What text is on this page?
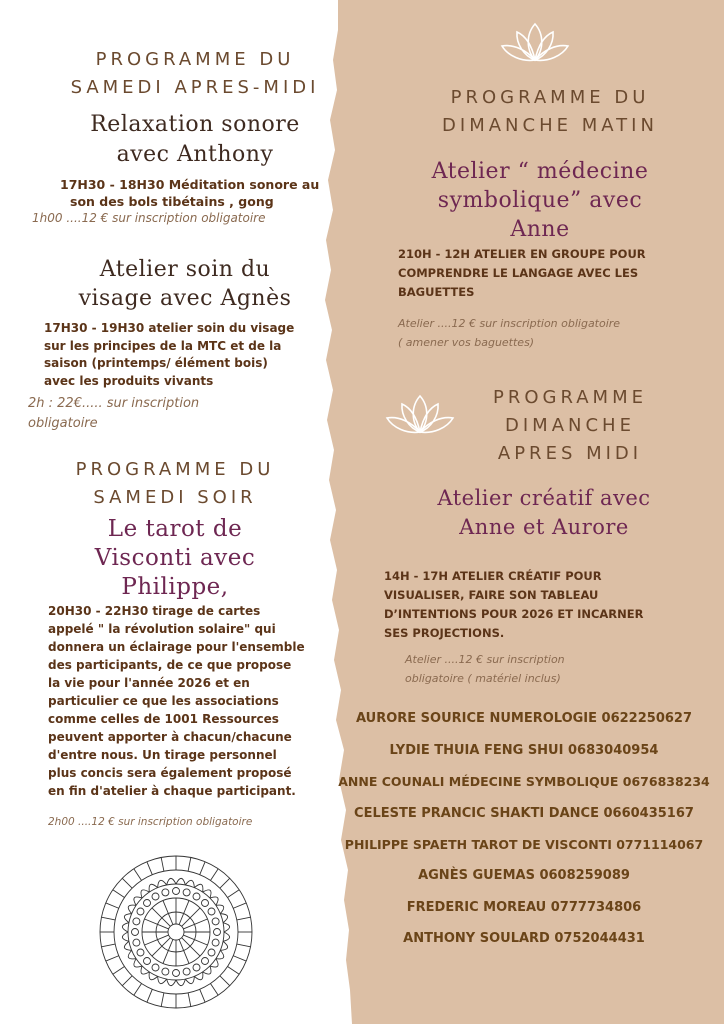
PROGRAMME DU
SAMEDI APRES-MIDI
Relaxation sonore
avec Anthony
17H30 - 18H30 Méditation sonore au
son des bols tibétains , gong
1h00 ....12 € sur inscription obligatoire
Atelier soin du
visage avec Agnès
17H30 - 19H30 atelier soin du visage
sur les principes de la MTC et de la
saison (printemps/ élément bois)
avec les produits vivants
2h : 22€..... sur inscription
obligatoire
PROGRAMME DU
SAMEDI SOIR
Le tarot de
Visconti avec
Philippe,
20H30 - 22H30 tirage de cartes
appelé " la révolution solaire" qui
donnera un éclairage pour l'ensemble
des participants, de ce que propose
la vie pour l'année 2026 et en
particulier ce que les associations
comme celles de 1001 Ressources
peuvent apporter à chacun/chacune
d'entre nous. Un tirage personnel
plus concis sera également proposé
en fin d'atelier à chaque participant.
2h00 ....12 € sur inscription obligatoire
PROGRAMME DU
DIMANCHE MATIN
Atelier “ médecine
symbolique” avec
Anne
210H - 12H ATELIER EN GROUPE POUR
COMPRENDRE LE LANGAGE AVEC LES
BAGUETTES
Atelier ....12 € sur inscription obligatoire
( amener vos baguettes)
PROGRAMME
DIMANCHE
APRES MIDI
Atelier créatif avec
Anne et Aurore
14H - 17H ATELIER CRÉATIF POUR
VISUALISER, FAIRE SON TABLEAU
D’INTENTIONS POUR 2026 ET INCARNER
SES PROJECTIONS.
Atelier ....12 € sur inscription
obligatoire ( matériel inclus)
AURORE SOURICE NUMEROLOGIE 0622250627
LYDIE THUIA FENG SHUI 0683040954
ANNE COUNALI MÉDECINE SYMBOLIQUE 0676838234
CELESTE PRANCIC SHAKTI DANCE 0660435167
PHILIPPE SPAETH TAROT DE VISCONTI 0771114067
AGNÈS GUEMAS 0608259089
FREDERIC MOREAU 0777734806
ANTHONY SOULARD 0752044431
